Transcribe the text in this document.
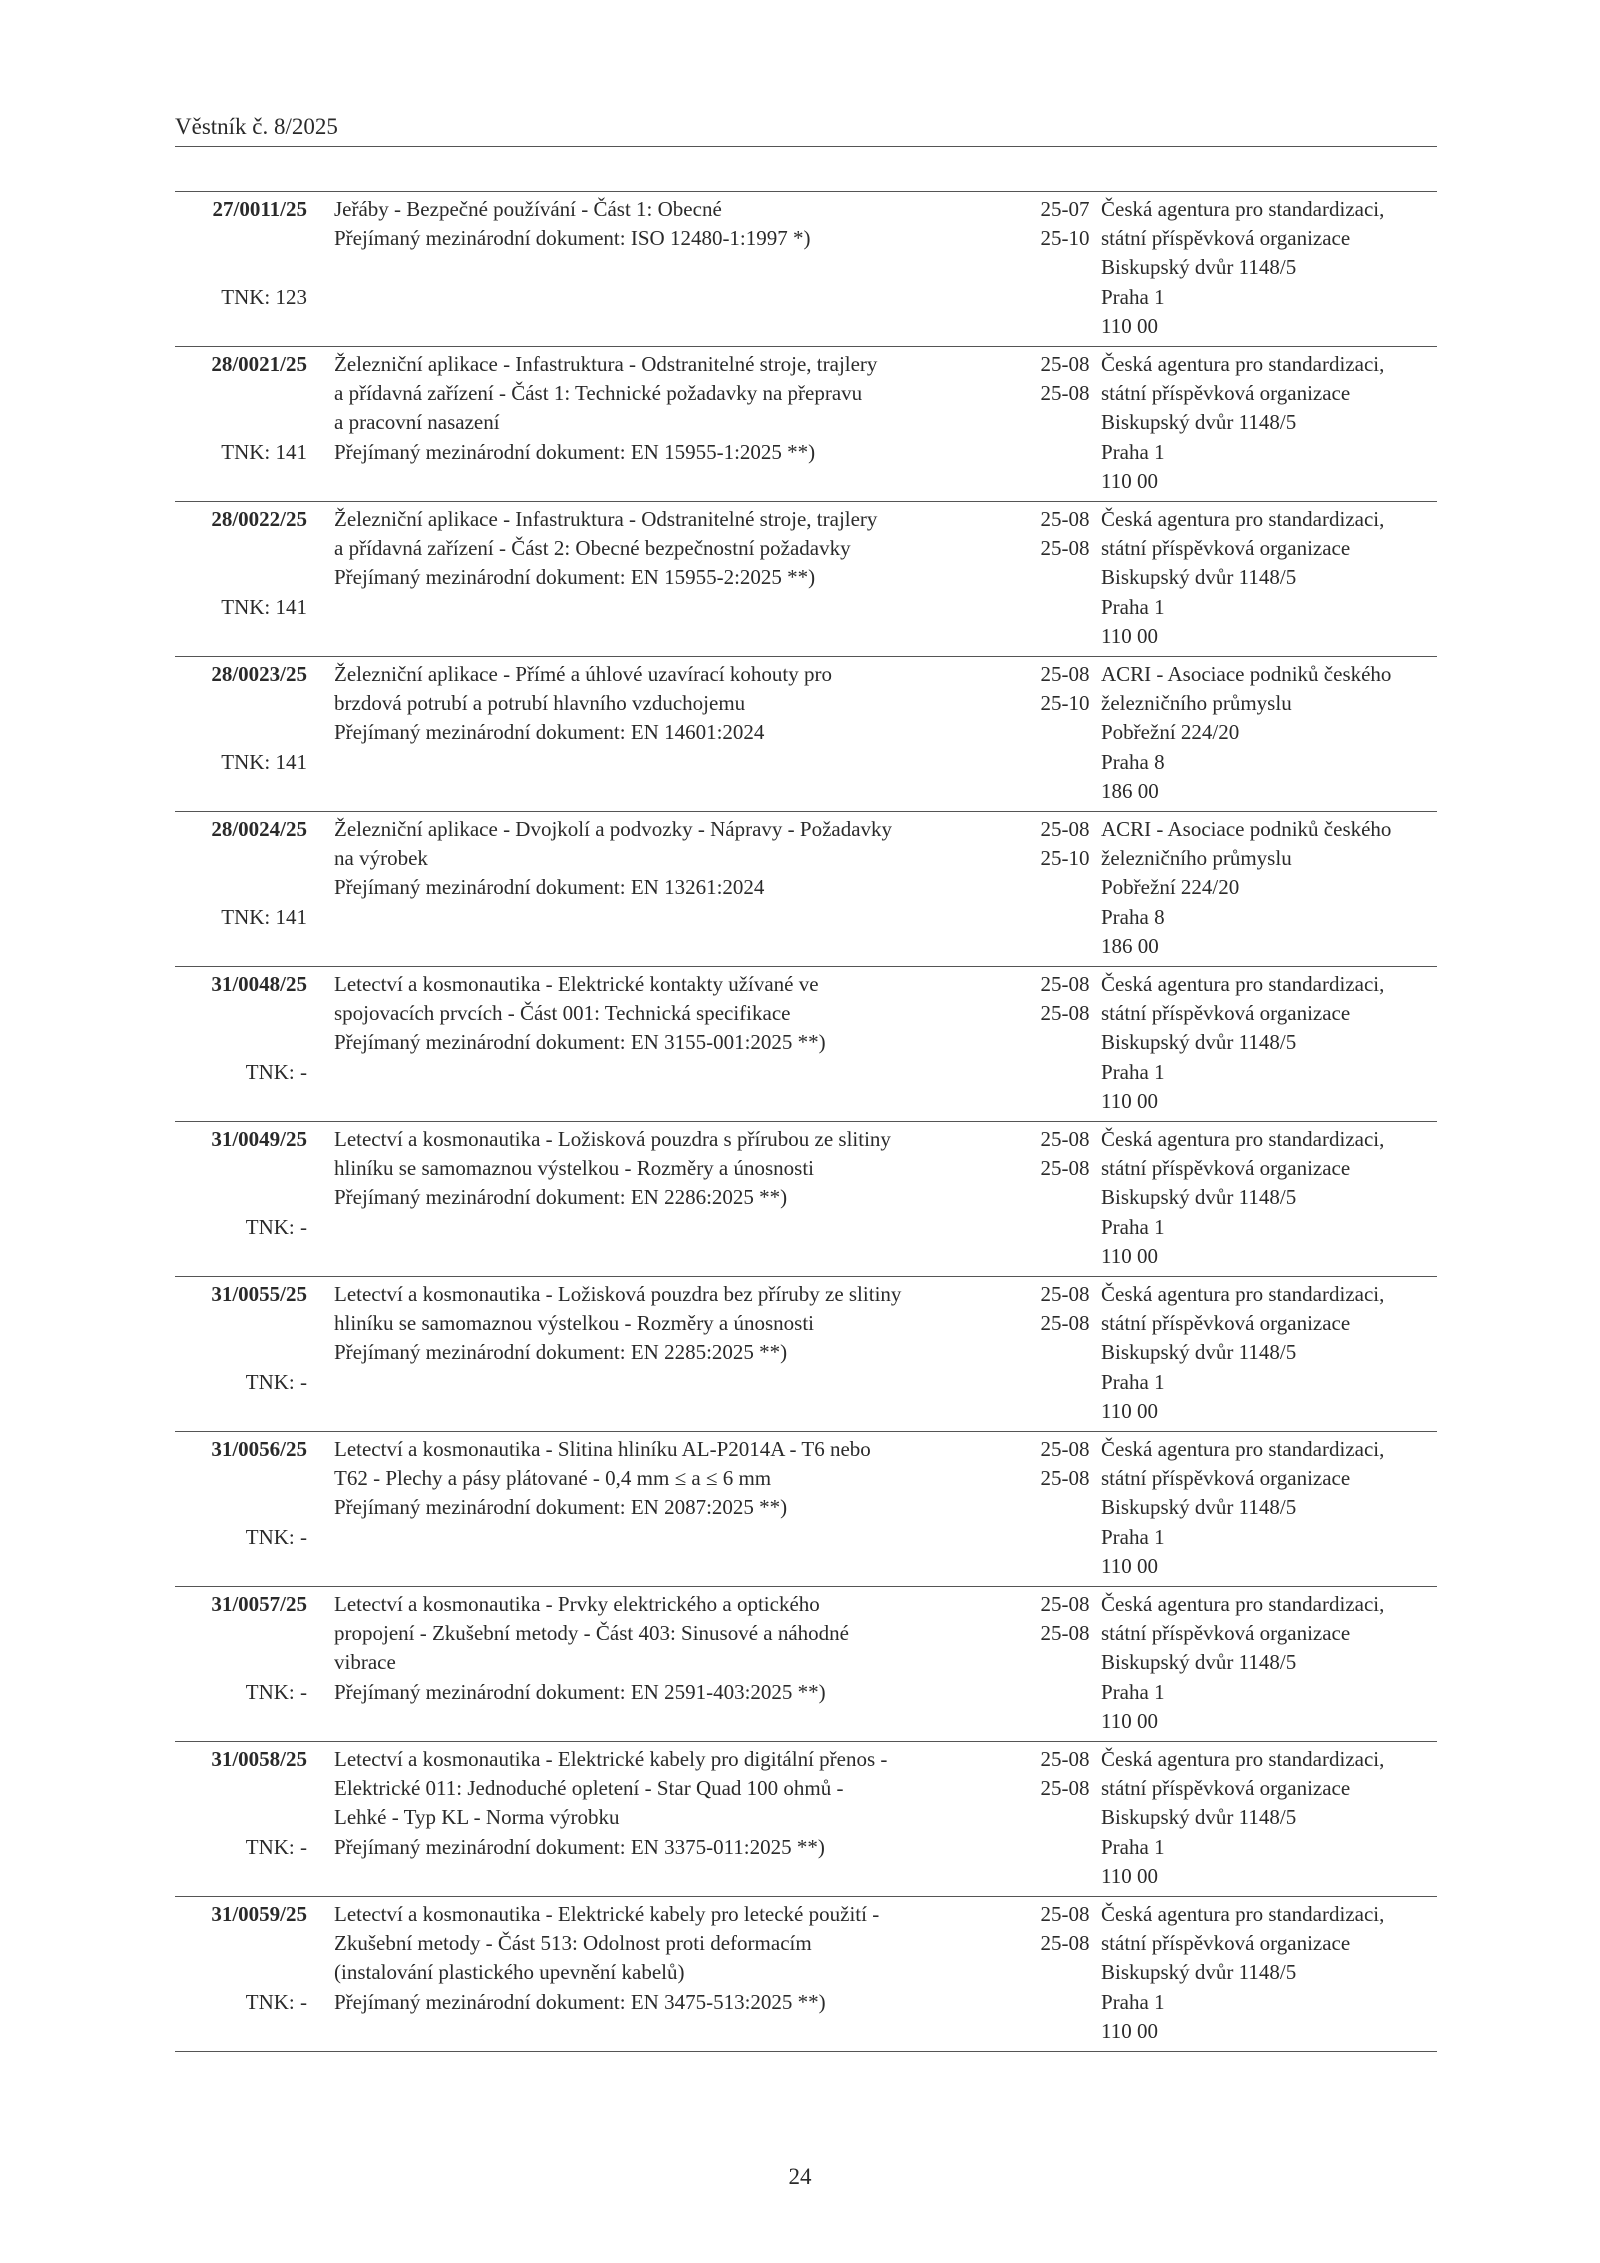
Věstník č. 8/2025
27/0011/25
TNK: 123
Jeřáby - Bezpečné používání - Část 1: Obecné
Přejímaný mezinárodní dokument: ISO 12480-1:1997 *)
25-07
25-10
Česká agentura pro standardizaci,
státní příspěvková organizace
Biskupský dvůr 1148/5
Praha 1
110 00
28/0021/25
TNK: 141
Železniční aplikace - Infastruktura - Odstranitelné stroje, trajlery
a přídavná zařízení - Část 1: Technické požadavky na přepravu
a pracovní nasazení
Přejímaný mezinárodní dokument: EN 15955-1:2025 **)
25-08
25-08
Česká agentura pro standardizaci,
státní příspěvková organizace
Biskupský dvůr 1148/5
Praha 1
110 00
28/0022/25
TNK: 141
Železniční aplikace - Infastruktura - Odstranitelné stroje, trajlery
a přídavná zařízení - Část 2: Obecné bezpečnostní požadavky
Přejímaný mezinárodní dokument: EN 15955-2:2025 **)
25-08
25-08
Česká agentura pro standardizaci,
státní příspěvková organizace
Biskupský dvůr 1148/5
Praha 1
110 00
28/0023/25
TNK: 141
Železniční aplikace - Přímé a úhlové uzavírací kohouty pro
brzdová potrubí a potrubí hlavního vzduchojemu
Přejímaný mezinárodní dokument: EN 14601:2024
25-08
25-10
ACRI - Asociace podniků českého
železničního průmyslu
Pobřežní 224/20
Praha 8
186 00
28/0024/25
TNK: 141
Železniční aplikace - Dvojkolí a podvozky - Nápravy - Požadavky
na výrobek
Přejímaný mezinárodní dokument: EN 13261:2024
25-08
25-10
ACRI - Asociace podniků českého
železničního průmyslu
Pobřežní 224/20
Praha 8
186 00
31/0048/25
TNK: -
Letectví a kosmonautika - Elektrické kontakty užívané ve
spojovacích prvcích - Část 001: Technická specifikace
Přejímaný mezinárodní dokument: EN 3155-001:2025 **)
25-08
25-08
Česká agentura pro standardizaci,
státní příspěvková organizace
Biskupský dvůr 1148/5
Praha 1
110 00
31/0049/25
TNK: -
Letectví a kosmonautika - Ložisková pouzdra s přírubou ze slitiny
hliníku se samomaznou výstelkou - Rozměry a únosnosti
Přejímaný mezinárodní dokument: EN 2286:2025 **)
25-08
25-08
Česká agentura pro standardizaci,
státní příspěvková organizace
Biskupský dvůr 1148/5
Praha 1
110 00
31/0055/25
TNK: -
Letectví a kosmonautika - Ložisková pouzdra bez příruby ze slitiny
hliníku se samomaznou výstelkou - Rozměry a únosnosti
Přejímaný mezinárodní dokument: EN 2285:2025 **)
25-08
25-08
Česká agentura pro standardizaci,
státní příspěvková organizace
Biskupský dvůr 1148/5
Praha 1
110 00
31/0056/25
TNK: -
Letectví a kosmonautika - Slitina hliníku AL-P2014A - T6 nebo
T62 - Plechy a pásy plátované - 0,4 mm ≤ a ≤ 6 mm
Přejímaný mezinárodní dokument: EN 2087:2025 **)
25-08
25-08
Česká agentura pro standardizaci,
státní příspěvková organizace
Biskupský dvůr 1148/5
Praha 1
110 00
31/0057/25
TNK: -
Letectví a kosmonautika - Prvky elektrického a optického
propojení - Zkušební metody - Část 403: Sinusové a náhodné
vibrace
Přejímaný mezinárodní dokument: EN 2591-403:2025 **)
25-08
25-08
Česká agentura pro standardizaci,
státní příspěvková organizace
Biskupský dvůr 1148/5
Praha 1
110 00
31/0058/25
TNK: -
Letectví a kosmonautika - Elektrické kabely pro digitální přenos -
Elektrické 011: Jednoduché opletení - Star Quad 100 ohmů -
Lehké - Typ KL - Norma výrobku
Přejímaný mezinárodní dokument: EN 3375-011:2025 **)
25-08
25-08
Česká agentura pro standardizaci,
státní příspěvková organizace
Biskupský dvůr 1148/5
Praha 1
110 00
31/0059/25
TNK: -
Letectví a kosmonautika - Elektrické kabely pro letecké použití -
Zkušební metody - Část 513: Odolnost proti deformacím
(instalování plastického upevnění kabelů)
Přejímaný mezinárodní dokument: EN 3475-513:2025 **)
25-08
25-08
Česká agentura pro standardizaci,
státní příspěvková organizace
Biskupský dvůr 1148/5
Praha 1
110 00
24
